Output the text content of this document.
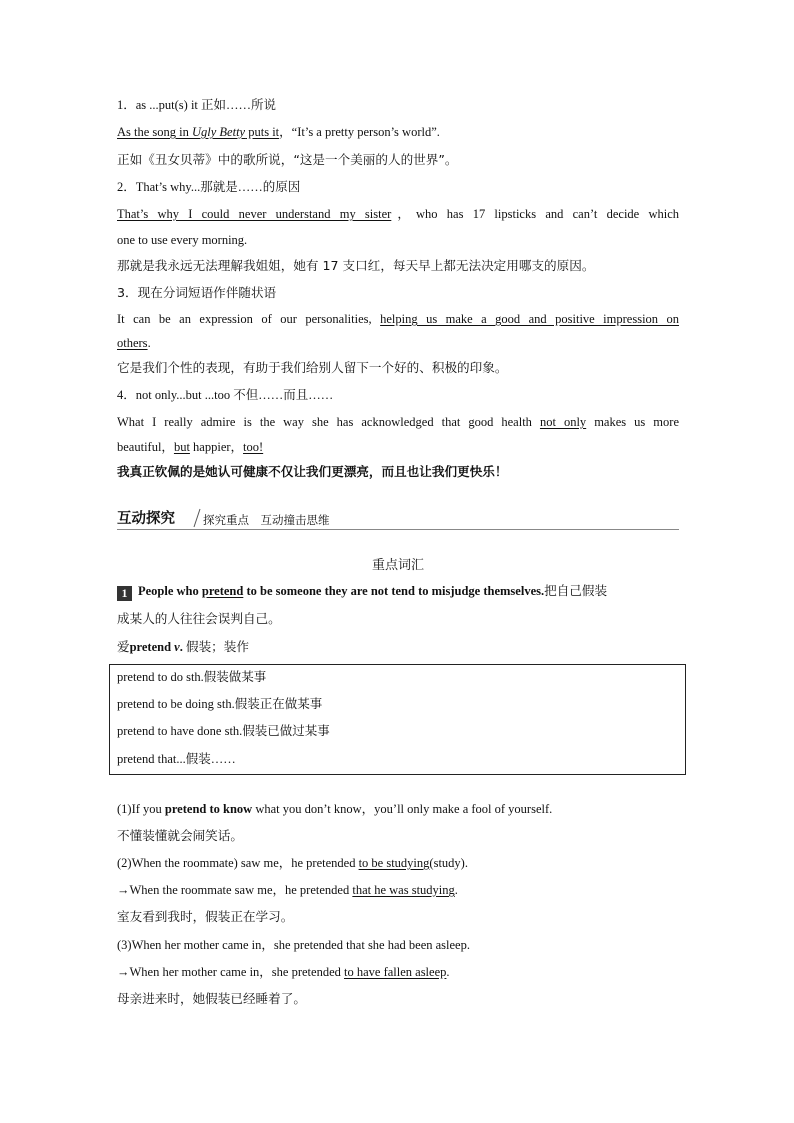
1．as ...put(s) it 正如……所说
As the song in Ugly Betty puts it，“It’s a pretty person’s world”.
正如《丑女贝蒂》中的歌所说，“这是一个美丽的人的世界”。
2．That’s why...那就是……的原因
That’s why I could never understand my sister，who has 17 lipsticks and can’t decide which
one to use every morning.
那就是我永远无法理解我姐姐，她有 17 支口红，每天早上都无法决定用哪支的原因。
3．现在分词短语作伴随状语
It can be an expression of our personalities, helping us make a good and positive impression on
others.
它是我们个性的表现，有助于我们给别人留下一个好的、积极的印象。
4．not only...but ...too 不但……而且……
What I really admire is the way she has acknowledged that good health not only makes us more
beautiful，but happier，too!
我真正钦佩的是她认可健康不仅让我们更漂亮，而且也让我们更快乐！
互动探究 探究重点　互动撞击思维
重点词汇
1 People who pretend to be someone they are not tend to misjudge themselves.把自己假装
成某人的人往往会误判自己。
爱pretend v. 假装；装作
pretend to do sth.假装做某事
pretend to be doing sth.假装正在做某事
pretend to have done sth.假装已做过某事
pretend that...假装……
(1)If you pretend to know what you don’t know，you’ll only make a fool of yourself.
不懂装懂就会闹笑话。
(2)When the roommate) saw me，he pretended to be studying(study).
→When the roommate saw me，he pretended that he was studying.
室友看到我时，假装正在学习。
(3)When her mother came in，she pretended that she had been asleep.
→When her mother came in，she pretended to have fallen asleep.
母亲进来时，她假装已经睡着了。
